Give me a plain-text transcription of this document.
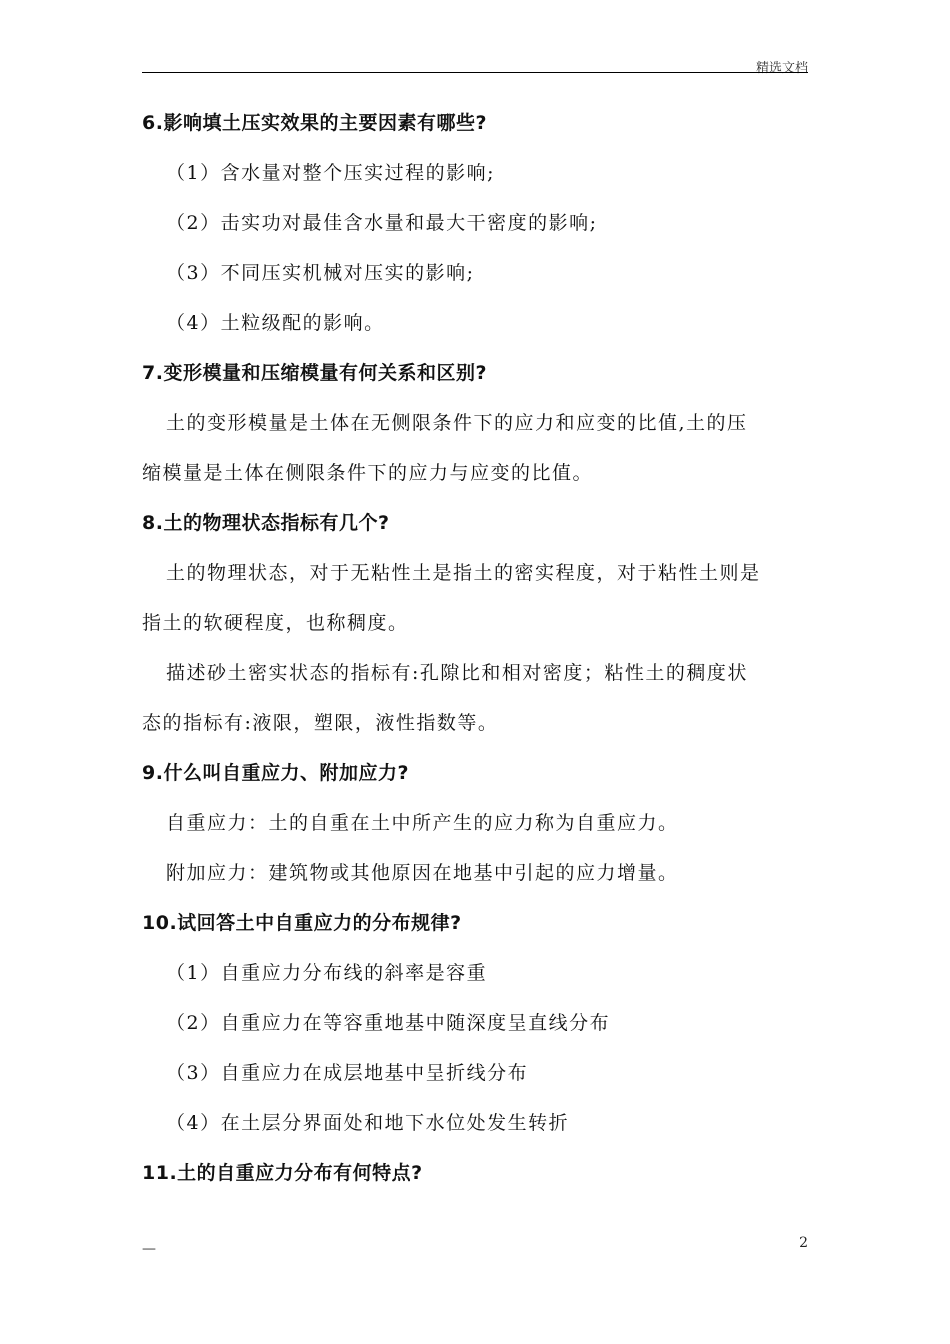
精选文档
6.影响填土压实效果的主要因素有哪些?
（1）含水量对整个压实过程的影响;
（2）击实功对最佳含水量和最大干密度的影响;
（3）不同压实机械对压实的影响;
（4）土粒级配的影响。
7.变形模量和压缩模量有何关系和区别?
土的变形模量是土体在无侧限条件下的应力和应变的比值,土的压
缩模量是土体在侧限条件下的应力与应变的比值。
8.土的物理状态指标有几个?
土的物理状态，对于无粘性土是指土的密实程度，对于粘性土则是
指土的软硬程度，也称稠度。
描述砂土密实状态的指标有:孔隙比和相对密度；粘性土的稠度状
态的指标有:液限，塑限，液性指数等。
9.什么叫自重应力、附加应力?
自重应力：土的自重在土中所产生的应力称为自重应力。
附加应力：建筑物或其他原因在地基中引起的应力增量。
10.试回答土中自重应力的分布规律?
（1）自重应力分布线的斜率是容重
（2）自重应力在等容重地基中随深度呈直线分布
（3）自重应力在成层地基中呈折线分布
（4）在土层分界面处和地下水位处发生转折
11.土的自重应力分布有何特点?
—	2
